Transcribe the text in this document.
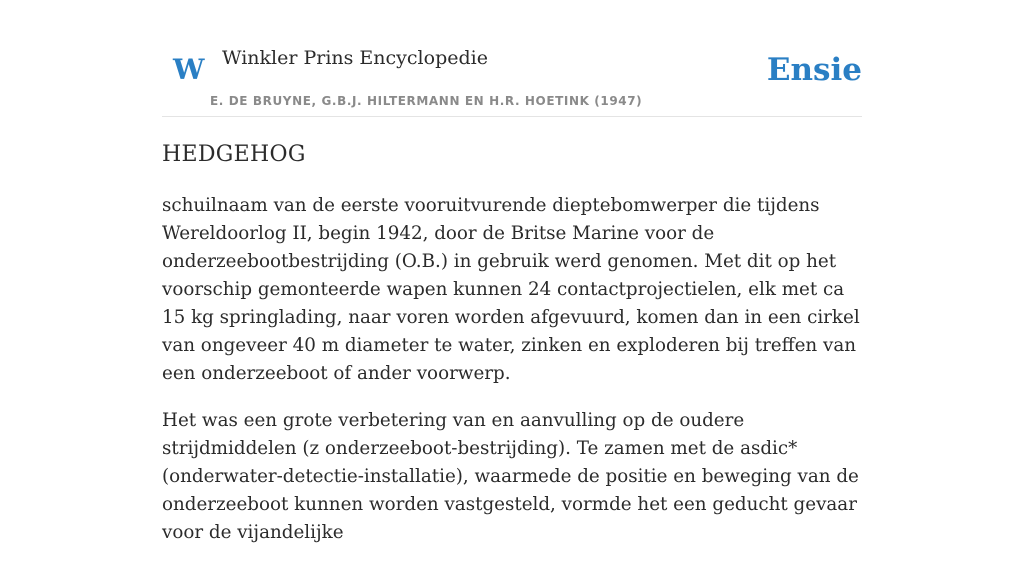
W Winkler Prins Encyclopedie
E. DE BRUYNE, G.B.J. HILTERMANN EN H.R. HOETINK (1947)
Ensie
HEDGEHOG

schuilnaam van de eerste vooruitvurende dieptebomwerper die tijdens Wereldoorlog II, begin 1942, door de Britse Marine voor de onderzeebootbestrijding (O.B.) in gebruik werd genomen. Met dit op het voorschip gemonteerde wapen kunnen 24 contactprojectielen, elk met ca 15 kg springlading, naar voren worden afgevuurd, komen dan in een cirkel van ongeveer 40 m diameter te water, zinken en exploderen bij treffen van een onderzeeboot of ander voorwerp.

Het was een grote verbetering van en aanvulling op de oudere strijdmiddelen (z onderzeeboot-bestrijding). Te zamen met de asdic* (onderwater-detectie-installatie), waarmede de positie en beweging van de onderzeeboot kunnen worden vastgesteld, vormde het een geducht gevaar voor de vijandelijke
